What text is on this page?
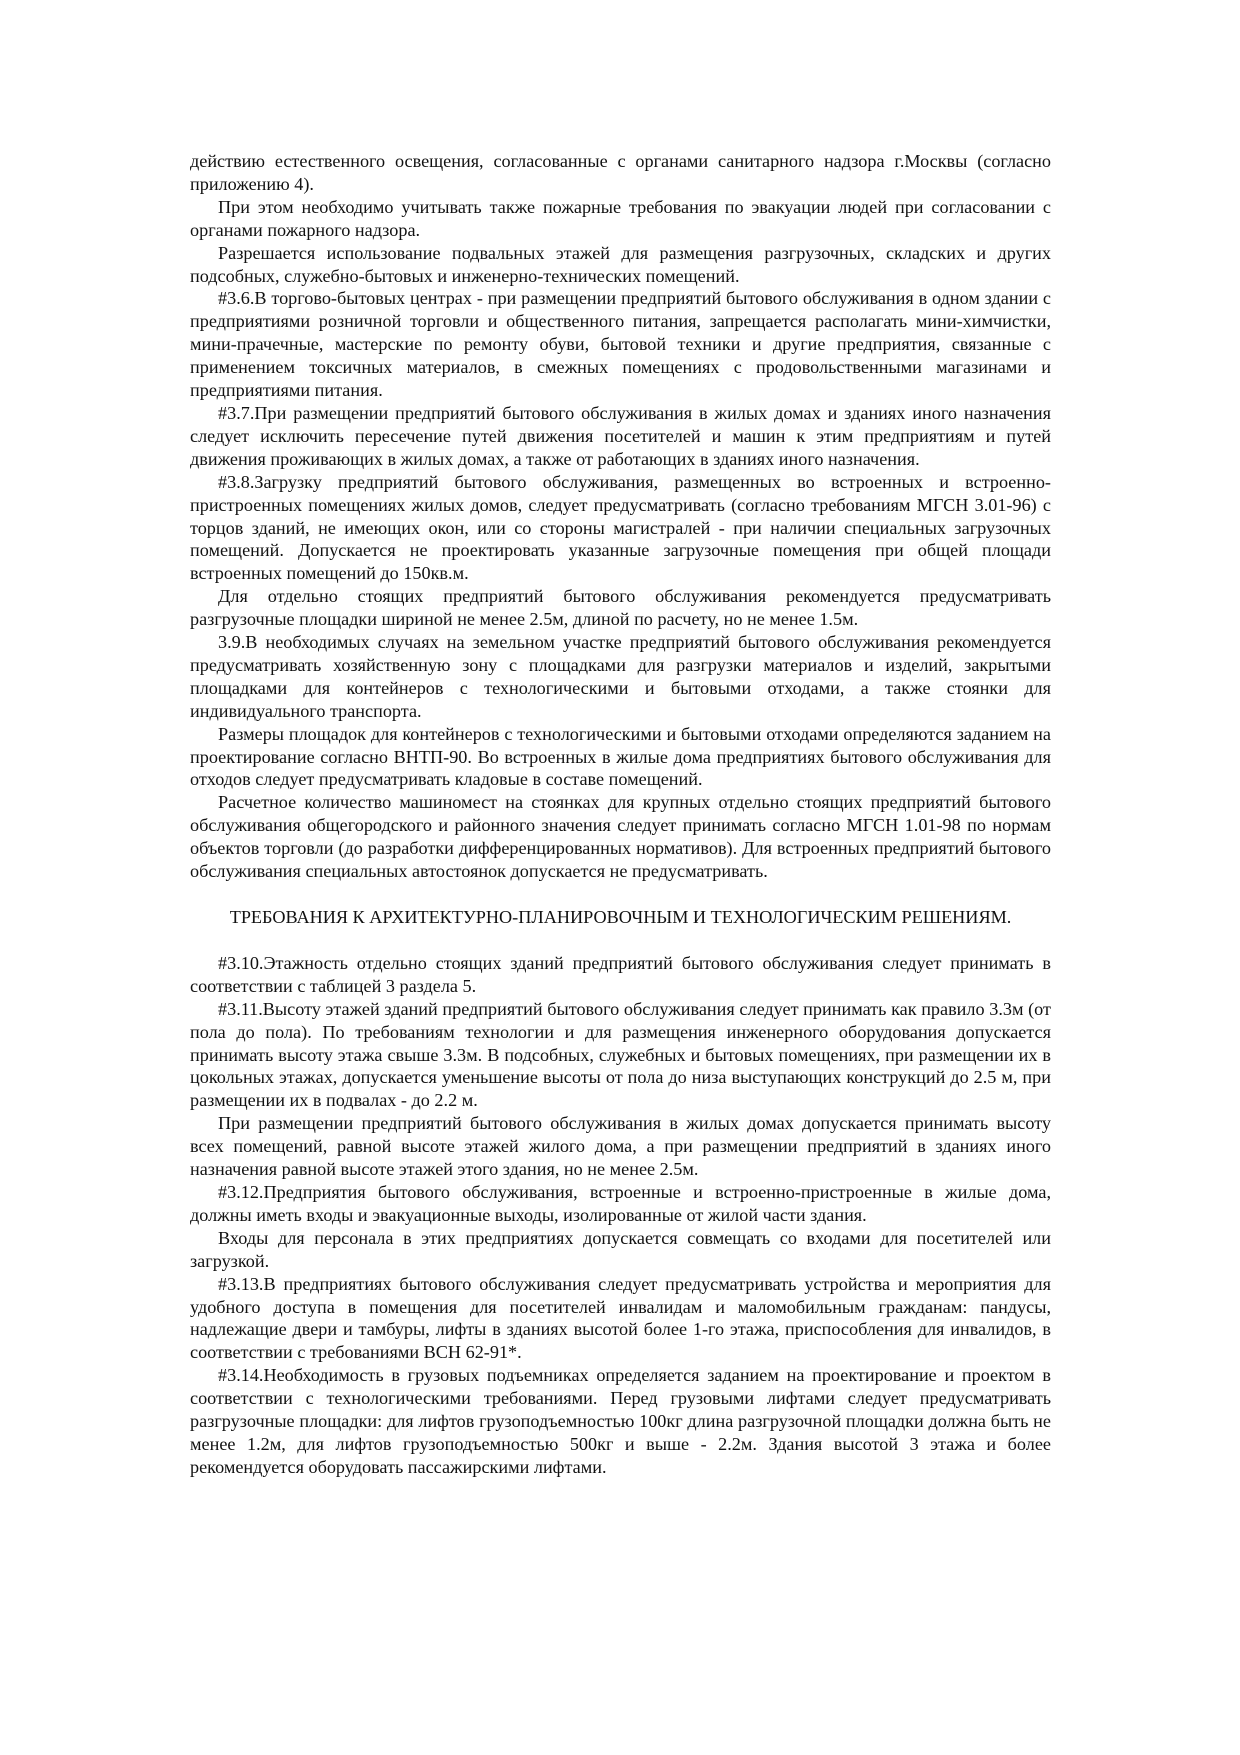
действию естественного освещения, согласованные с органами санитарного надзора г.Москвы (согласно приложению 4).

При этом необходимо учитывать также пожарные требования по эвакуации людей при согласовании с органами пожарного надзора.

Разрешается использование подвальных этажей для размещения разгрузочных, складских и других подсобных, служебно-бытовых и инженерно-технических помещений.

#3.6.В торгово-бытовых центрах - при размещении предприятий бытового обслуживания в одном здании с предприятиями розничной торговли и общественного питания, запрещается располагать мини-химчистки, мини-прачечные, мастерские по ремонту обуви, бытовой техники и другие предприятия, связанные с применением токсичных материалов, в смежных помещениях с продовольственными магазинами и предприятиями питания.

#3.7.При размещении предприятий бытового обслуживания в жилых домах и зданиях иного назначения следует исключить пересечение путей движения посетителей и машин к этим предприятиям и путей движения проживающих в жилых домах, а также от работающих в зданиях иного назначения.

#3.8.Загрузку предприятий бытового обслуживания, размещенных во встроенных и встроенно-пристроенных помещениях жилых домов, следует предусматривать (согласно требованиям МГСН 3.01-96) с торцов зданий, не имеющих окон, или со стороны магистралей - при наличии специальных загрузочных помещений. Допускается не проектировать указанные загрузочные помещения при общей площади встроенных помещений до 150кв.м.

Для отдельно стоящих предприятий бытового обслуживания рекомендуется предусматривать разгрузочные площадки шириной не менее 2.5м, длиной по расчету, но не менее 1.5м.

3.9.В необходимых случаях на земельном участке предприятий бытового обслуживания рекомендуется предусматривать хозяйственную зону с площадками для разгрузки материалов и изделий, закрытыми площадками для контейнеров с технологическими и бытовыми отходами, а также стоянки для индивидуального транспорта.

Размеры площадок для контейнеров с технологическими и бытовыми отходами определяются заданием на проектирование согласно ВНТП-90. Во встроенных в жилые дома предприятиях бытового обслуживания для отходов следует предусматривать кладовые в составе помещений.

Расчетное количество машиномест на стоянках для крупных отдельно стоящих предприятий бытового обслуживания общегородского и районного значения следует принимать согласно МГСН 1.01-98 по нормам объектов торговли (до разработки дифференцированных нормативов). Для встроенных предприятий бытового обслуживания специальных автостоянок допускается не предусматривать.

ТРЕБОВАНИЯ К АРХИТЕКТУРНО-ПЛАНИРОВОЧНЫМ И ТЕХНОЛОГИЧЕСКИМ РЕШЕНИЯМ.

#3.10.Этажность отдельно стоящих зданий предприятий бытового обслуживания следует принимать в соответствии с таблицей 3 раздела 5.

#3.11.Высоту этажей зданий предприятий бытового обслуживания следует принимать как правило 3.3м (от пола до пола). По требованиям технологии и для размещения инженерного оборудования допускается принимать высоту этажа свыше 3.3м. В подсобных, служебных и бытовых помещениях, при размещении их в цокольных этажах, допускается уменьшение высоты от пола до низа выступающих конструкций до 2.5 м, при размещении их в подвалах - до 2.2 м.

При размещении предприятий бытового обслуживания в жилых домах допускается принимать высоту всех помещений, равной высоте этажей жилого дома, а при размещении предприятий в зданиях иного назначения равной высоте этажей этого здания, но не менее 2.5м.

#3.12.Предприятия бытового обслуживания, встроенные и встроенно-пристроенные в жилые дома, должны иметь входы и эвакуационные выходы, изолированные от жилой части здания.

Входы для персонала в этих предприятиях допускается совмещать со входами для посетителей или загрузкой.

#3.13.В предприятиях бытового обслуживания следует предусматривать устройства и мероприятия для удобного доступа в помещения для посетителей инвалидам и маломобильным гражданам: пандусы, надлежащие двери и тамбуры, лифты в зданиях высотой более 1-го этажа, приспособления для инвалидов, в соответствии с требованиями ВСН 62-91*.

#3.14.Необходимость в грузовых подъемниках определяется заданием на проектирование и проектом в соответствии с технологическими требованиями. Перед грузовыми лифтами следует предусматривать разгрузочные площадки: для лифтов грузоподъемностью 100кг длина разгрузочной площадки должна быть не менее 1.2м, для лифтов грузоподъемностью 500кг и выше - 2.2м. Здания высотой 3 этажа и более рекомендуется оборудовать пассажирскими лифтами.
